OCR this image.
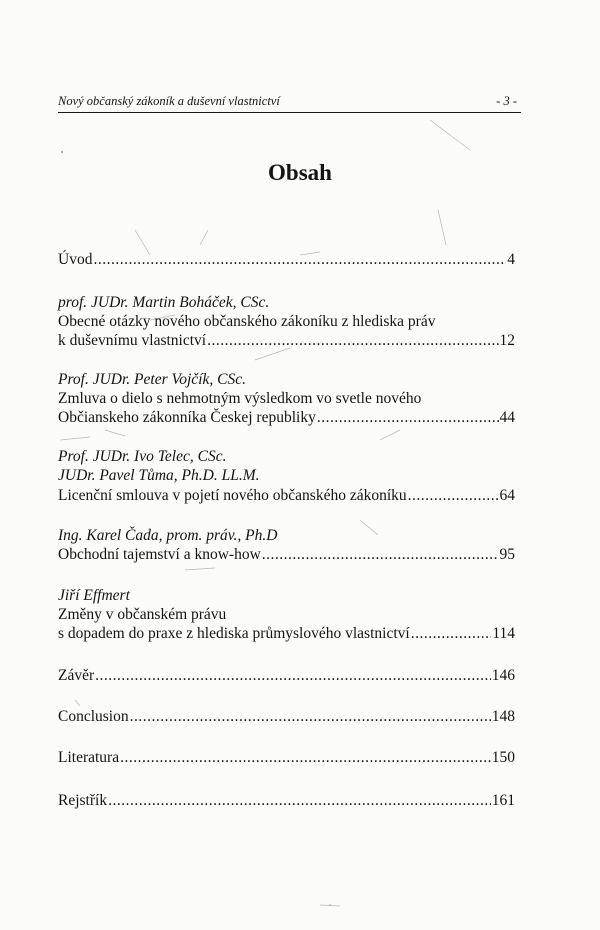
Nový občanský zákoník a duševní vlastnictví	- 3 -
Obsah
Úvod .....	4
prof. JUDr. Martin Boháček, CSc.
Obecné otázky nového občanského zákoníku z hlediska práv
k duševnímu vlastnictví .....	12
Prof. JUDr. Peter Vojčík, CSc.
Zmluva o dielo s nehmotným výsledkom vo svetle nového
Občianskeho zákonníka Českej republiky .....	44
Prof. JUDr. Ivo Telec, CSc.
JUDr. Pavel Tůma, Ph.D. LL.M.
Licenční smlouva v pojetí nového občanského zákoníku .....	64
Ing. Karel Čada, prom. práv., Ph.D
Obchodní tajemství a know-how .....	95
Jiří Effmert
Změny v občanském právu
s dopadem do praxe z hlediska průmyslového vlastnictví .....	114
Závěr .....	146
Conclusion .....	148
Literatura .....	150
Rejstřík .....	161
